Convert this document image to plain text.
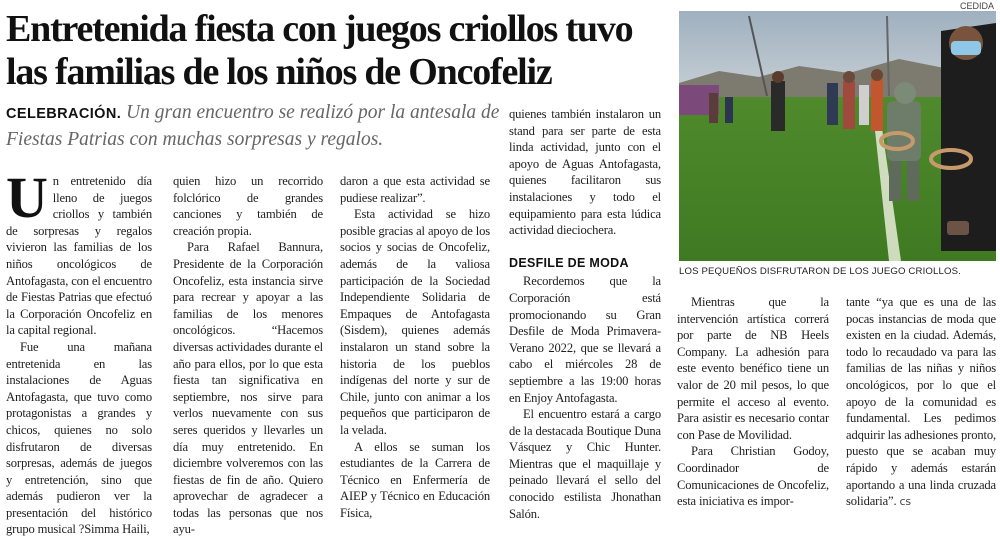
Entretenida fiesta con juegos criollos tuvo
las familias de los niños de Oncofeliz

CELEBRACIÓN. Un gran encuentro se realizó por la antesala de Fiestas Patrias con muchas sorpresas y regalos.

U n entretenido día lleno de juegos criollos y también de sorpresas y regalos vivieron las familias de los niños oncológicos de Antofagasta, con el encuentro de Fiestas Patrias que efectuó la Corporación Oncofeliz en la capital regional.

Fue una mañana entretenida en las instalaciones de Aguas Antofagasta, que tuvo como protagonistas a grandes y chicos, quienes no solo disfrutaron de diversas sorpresas, además de juegos y entretención, sino que además pudieron ver la presentación del histórico grupo musical ?Simma Haili,

quien hizo un recorrido folclórico de grandes canciones y también de creación propia.

Para Rafael Bannura, Presidente de la Corporación Oncofeliz, esta instancia sirve para recrear y apoyar a las familias de los menores oncológicos. “Hacemos diversas actividades durante el año para ellos, por lo que esta fiesta tan significativa en septiembre, nos sirve para verlos nuevamente con sus seres queridos y llevarles un día muy entretenido. En diciembre volveremos con las fiestas de fin de año. Quiero aprovechar de agradecer a todas las personas que nos ayu-

daron a que esta actividad se pudiese realizar”.

Esta actividad se hizo posible gracias al apoyo de los socios y socias de Oncofeliz, además de la valiosa participación de la Sociedad Independiente Solidaria de Empaques de Antofagasta (Sisdem), quienes además instalaron un stand sobre la historia de los pueblos indígenas del norte y sur de Chile, junto con animar a los pequeños que participaron de la velada.

A ellos se suman los estudiantes de la Carrera de Técnico en Enfermería de AIEP y Técnico en Educación Física,

quienes también instalaron un stand para ser parte de esta linda actividad, junto con el apoyo de Aguas Antofagasta, quienes facilitaron sus instalaciones y todo el equipamiento para esta lúdica actividad dieciochera.

DESFILE DE MODA

Recordemos que la Corporación está promocionando su Gran Desfile de Moda Primavera-Verano 2022, que se llevará a cabo el miércoles 28 de septiembre a las 19:00 horas en Enjoy Antofagasta.

El encuentro estará a cargo de la destacada Boutique Duna Vásquez y Chic Hunter. Mientras que el maquillaje y peinado llevará el sello del conocido estilista Jhonathan Salón.

Mientras que la intervención artística correrá por parte de NB Heels Company. La adhesión para este evento benéfico tiene un valor de 20 mil pesos, lo que permite el acceso al evento. Para asistir es necesario contar con Pase de Movilidad.

Para Christian Godoy, Coordinador de Comunicaciones de Oncofeliz, esta iniciativa es impor-

tante “ya que es una de las pocas instancias de moda que existen en la ciudad. Además, todo lo recaudado va para las familias de las niñas y niños oncológicos, por lo que el apoyo de la comunidad es fundamental. Les pedimos adquirir las adhesiones pronto, puesto que se acaban muy rápido y además estarán aportando a una linda cruzada solidaria”. cs

CEDIDA
LOS PEQUEÑOS DISFRUTARON DE LOS JUEGO CRIOLLOS.
